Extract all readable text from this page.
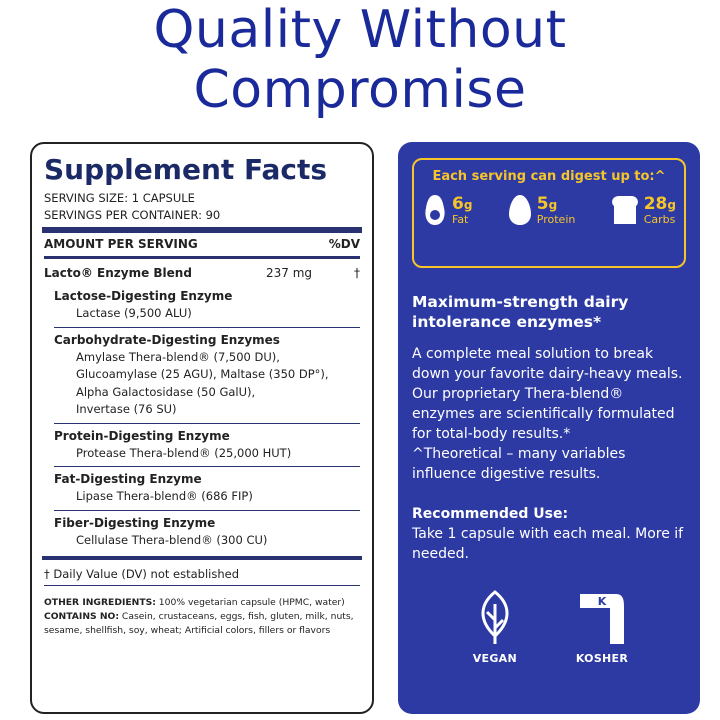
Quality Without
Compromise
Supplement Facts
SERVING SIZE: 1 CAPSULE
SERVINGS PER CONTAINER: 90
AMOUNT PER SERVING	%DV
Lacto® Enzyme Blend	237 mg	†
Lactose-Digesting Enzyme
Lactase (9,500 ALU)
Carbohydrate-Digesting Enzymes
Amylase Thera-blend® (7,500 DU),
Glucoamylase (25 AGU), Maltase (350 DP°),
Alpha Galactosidase (50 GalU),
Invertase (76 SU)
Protein-Digesting Enzyme
Protease Thera-blend® (25,000 HUT)
Fat-Digesting Enzyme
Lipase Thera-blend® (686 FIP)
Fiber-Digesting Enzyme
Cellulase Thera-blend® (300 CU)
† Daily Value (DV) not established
OTHER INGREDIENTS: 100% vegetarian capsule (HPMC, water)
CONTAINS NO: Casein, crustaceans, eggs, fish, gluten, milk, nuts, sesame, shellfish, soy, wheat; Artificial colors, fillers or flavors
Each serving can digest up to:^
6g
Fat
5g
Protein
28g
Carbs
Maximum-strength dairy intolerance enzymes*
A complete meal solution to break down your favorite dairy-heavy meals. Our proprietary Thera-blend® enzymes are scientifically formulated for total-body results.*
^Theoretical – many variables influence digestive results.
Recommended Use:
Take 1 capsule with each meal. More if needed.
VEGAN
K
KOSHER
